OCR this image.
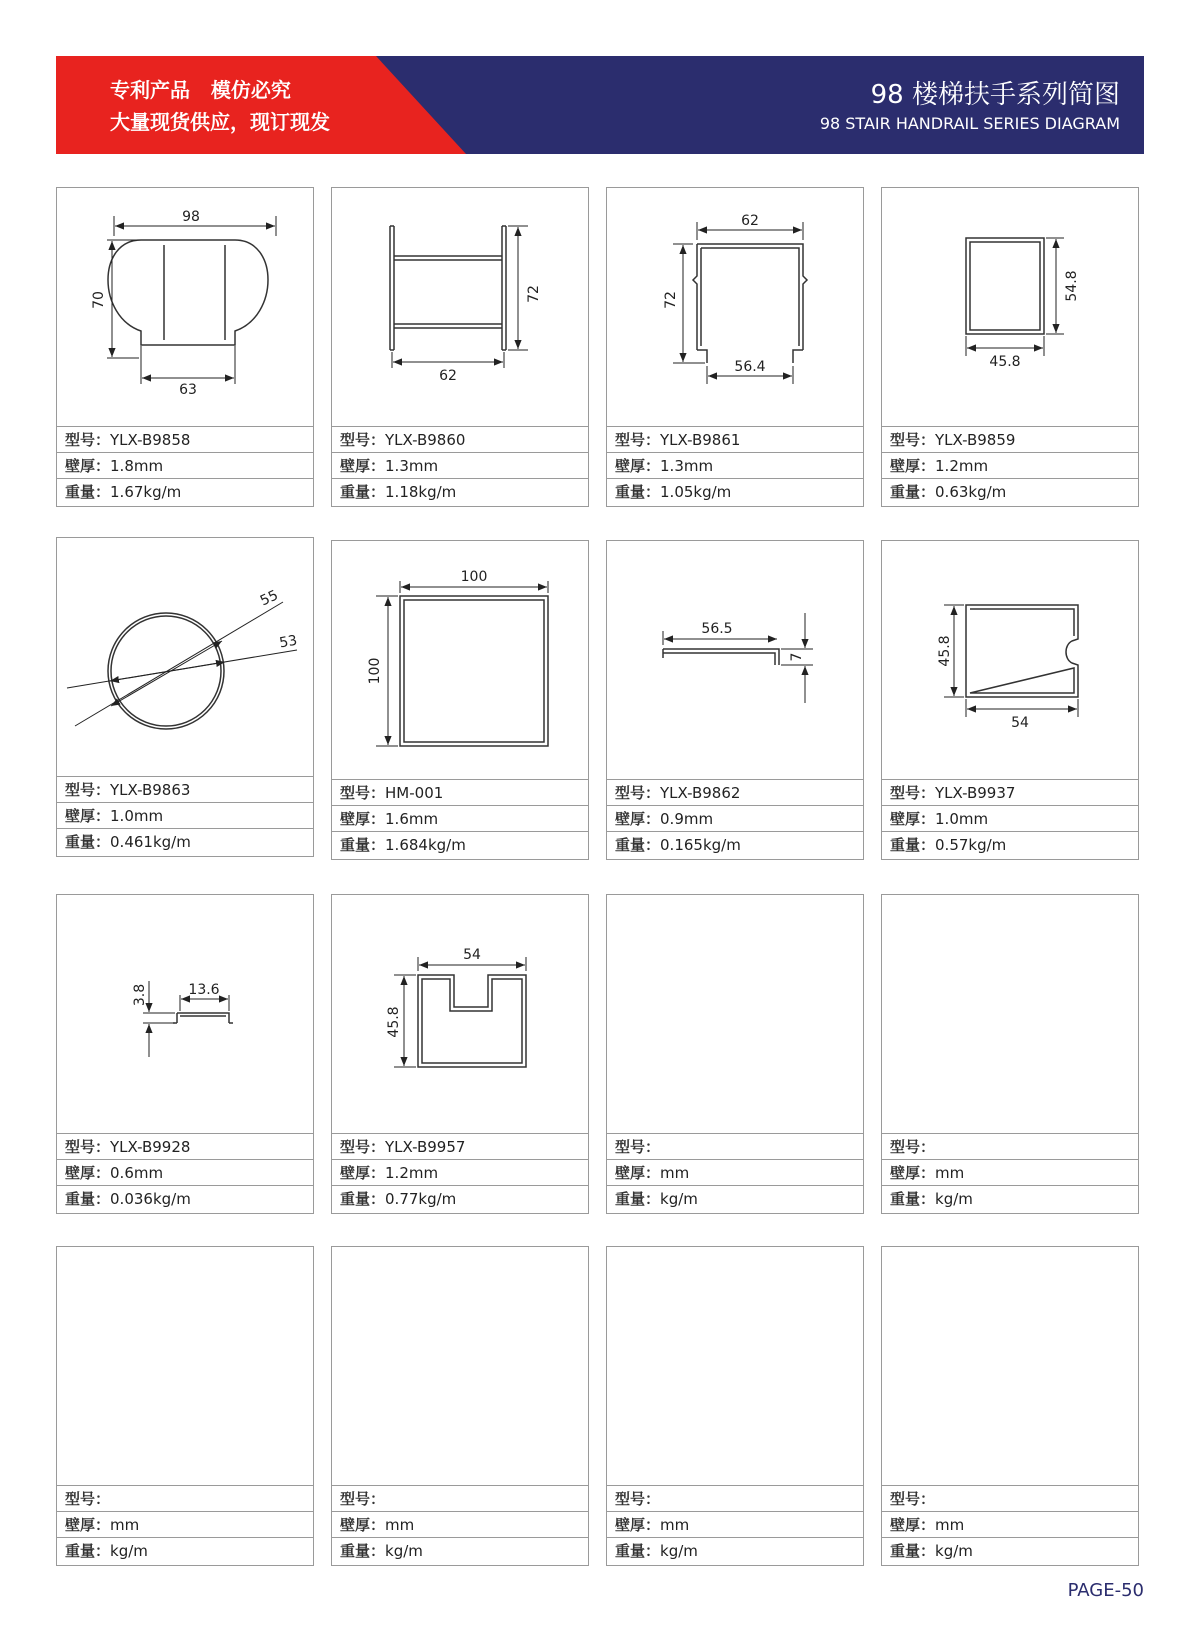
专利产品   模仿必究
大量现货供应，现订现发
98 楼梯扶手系列简图
98 STAIR HANDRAIL SERIES DIAGRAM
98
70
63
型号：YLX-B9858
壁厚：1.8mm
重量：1.67kg/m
72
62
型号：YLX-B9860
壁厚：1.3mm
重量：1.18kg/m
62
72
56.4
型号：YLX-B9861
壁厚：1.3mm
重量：1.05kg/m
54.8
45.8
型号：YLX-B9859
壁厚：1.2mm
重量：0.63kg/m
55
53
型号：YLX-B9863
壁厚：1.0mm
重量：0.461kg/m
100
100
型号：HM-001
壁厚：1.6mm
重量：1.684kg/m
56.5
7
型号：YLX-B9862
壁厚：0.9mm
重量：0.165kg/m
45.8
54
型号：YLX-B9937
壁厚：1.0mm
重量：0.57kg/m
3.8	13.6
型号：YLX-B9928
壁厚：0.6mm
重量：0.036kg/m
54
45.8
型号：YLX-B9957
壁厚：1.2mm
重量：0.77kg/m
型号：
壁厚：mm
重量：kg/m
型号：
壁厚：mm
重量：kg/m
型号：
壁厚：mm
重量：kg/m
型号：
壁厚：mm
重量：kg/m
型号：
壁厚：mm
重量：kg/m
型号：
壁厚：mm
重量：kg/m
PAGE-50
